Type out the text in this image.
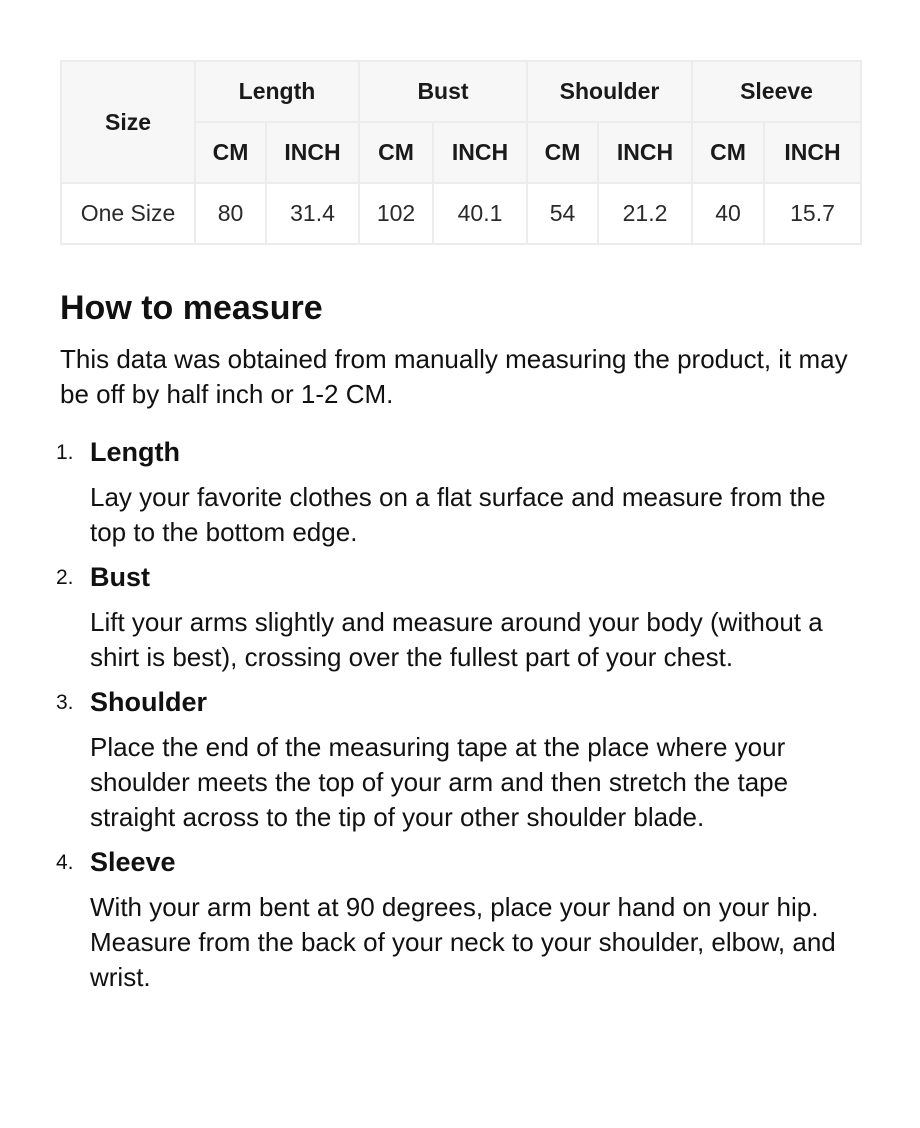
Size	Length		Bust		Shoulder		Sleeve	
	CM	INCH	CM	INCH	CM	INCH	CM	INCH
One Size	80	31.4	102	40.1	54	21.2	40	15.7
How to measure

This data was obtained from manually measuring the product, it may be off by half inch or 1-2 CM.

1. Length

Lay your favorite clothes on a flat surface and measure from the top to the bottom edge.

2. Bust

Lift your arms slightly and measure around your body (without a shirt is best), crossing over the fullest part of your chest.

3. Shoulder

Place the end of the measuring tape at the place where your shoulder meets the top of your arm and then stretch the tape straight across to the tip of your other shoulder blade.

4. Sleeve

With your arm bent at 90 degrees, place your hand on your hip. Measure from the back of your neck to your shoulder, elbow, and wrist.
